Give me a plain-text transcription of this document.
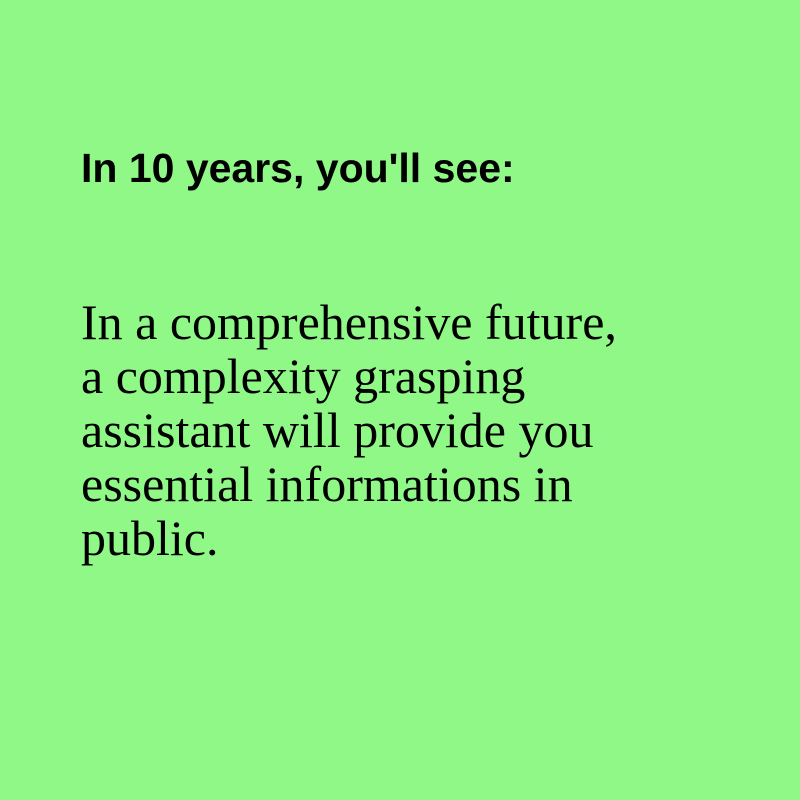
In 10 years, you'll see:

In a comprehensive future,
a complexity grasping
assistant will provide you
essential informations in
public.
